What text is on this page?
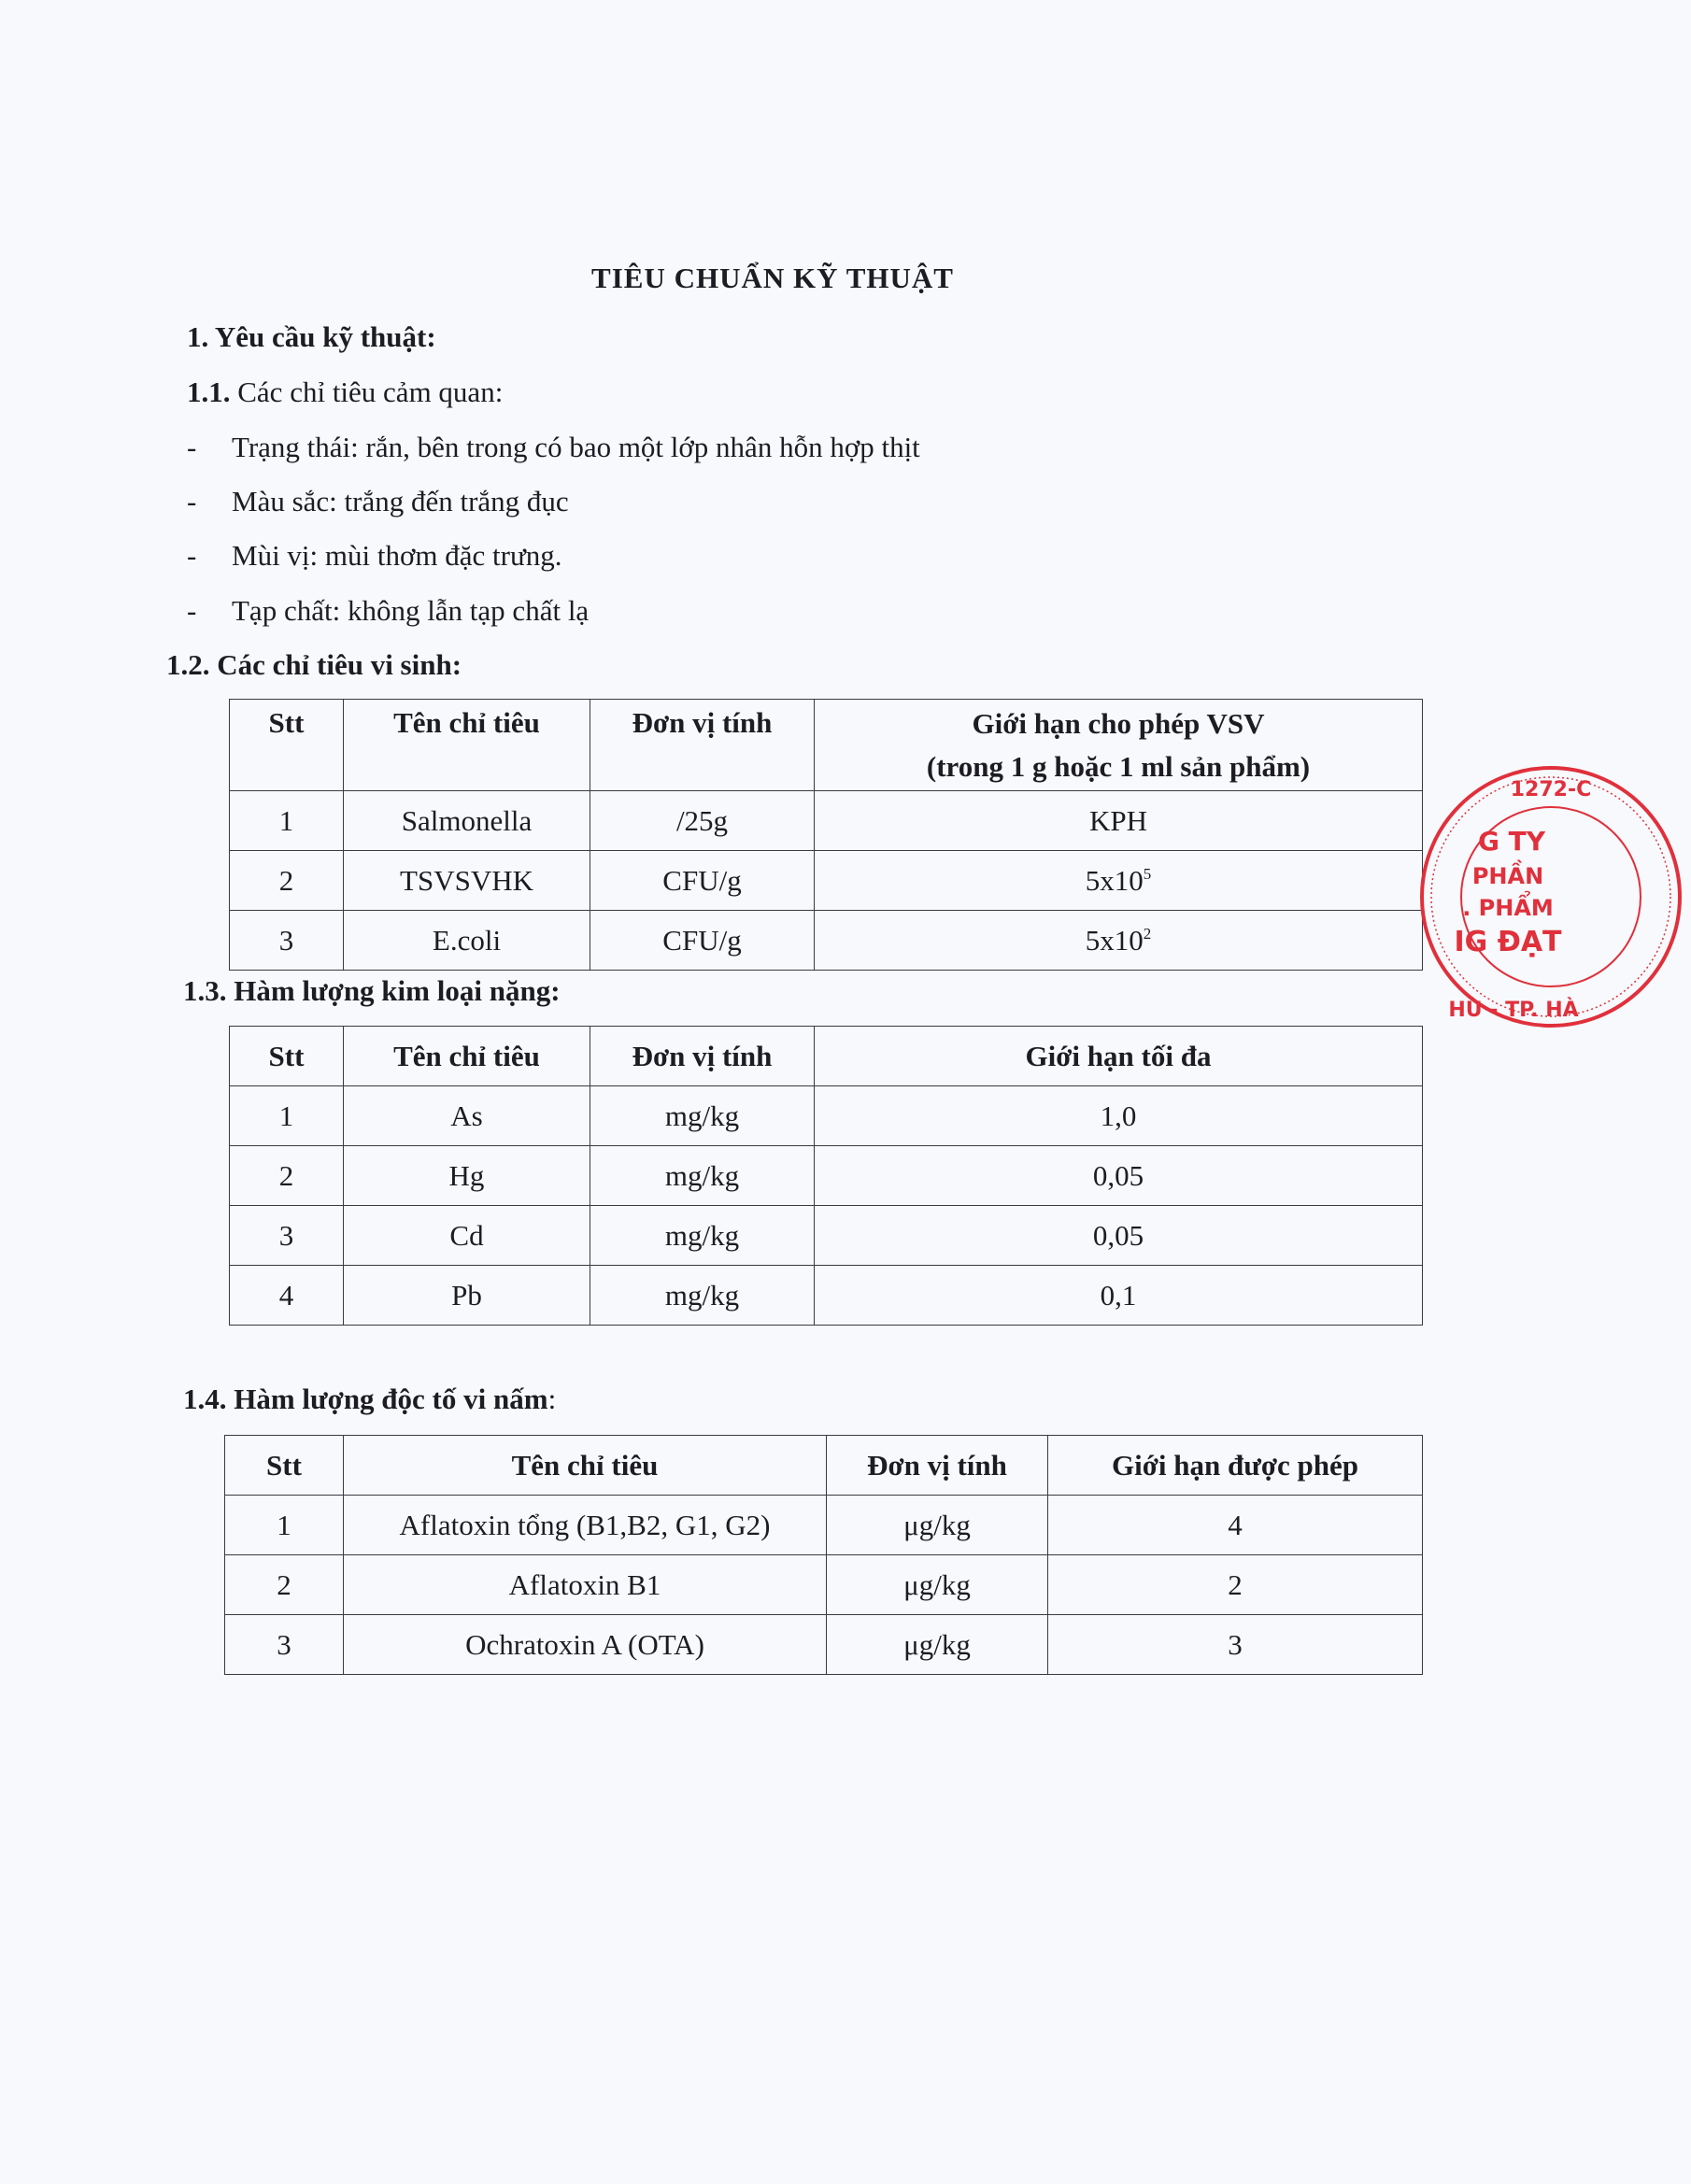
TIÊU CHUẨN KỸ THUẬT
1. Yêu cầu kỹ thuật:
1.1. Các chỉ tiêu cảm quan:
- Trạng thái: rắn, bên trong có bao một lớp nhân hỗn hợp thịt
- Màu sắc: trắng đến trắng đục
- Mùi vị: mùi thơm đặc trưng.
- Tạp chất: không lẫn tạp chất lạ
1.2. Các chỉ tiêu vi sinh:
Stt	Tên chỉ tiêu	Đơn vị tính	Giới hạn cho phép VSV
(trong 1 g hoặc 1 ml sản phẩm)

1	Salmonella	/25g	KPH
2	TSVSVHK	CFU/g	$5x10^5$
3	E.coli	CFU/g	$5x10^2$
1.3. Hàm lượng kim loại nặng:
Stt	Tên chỉ tiêu	Đơn vị tính	Giới hạn tối đa
1	As	mg/kg	1,0
2	Hg	mg/kg	0,05
3	Cd	mg/kg	0,05
4	Pb	mg/kg	0,1
1.4. Hàm lượng độc tố vi nấm:
Stt	Tên chỉ tiêu	Đơn vị tính	Giới hạn được phép
1	Aflatoxin tổng (B1,B2, G1, G2)	μg/kg	4
2	Aflatoxin B1	μg/kg	2
3	Ochratoxin A (OTA)	μg/kg	3
1272-C
G TY
PHẦN
. PHẨM
IG ĐẠT
HÙ - TP. HÀ
